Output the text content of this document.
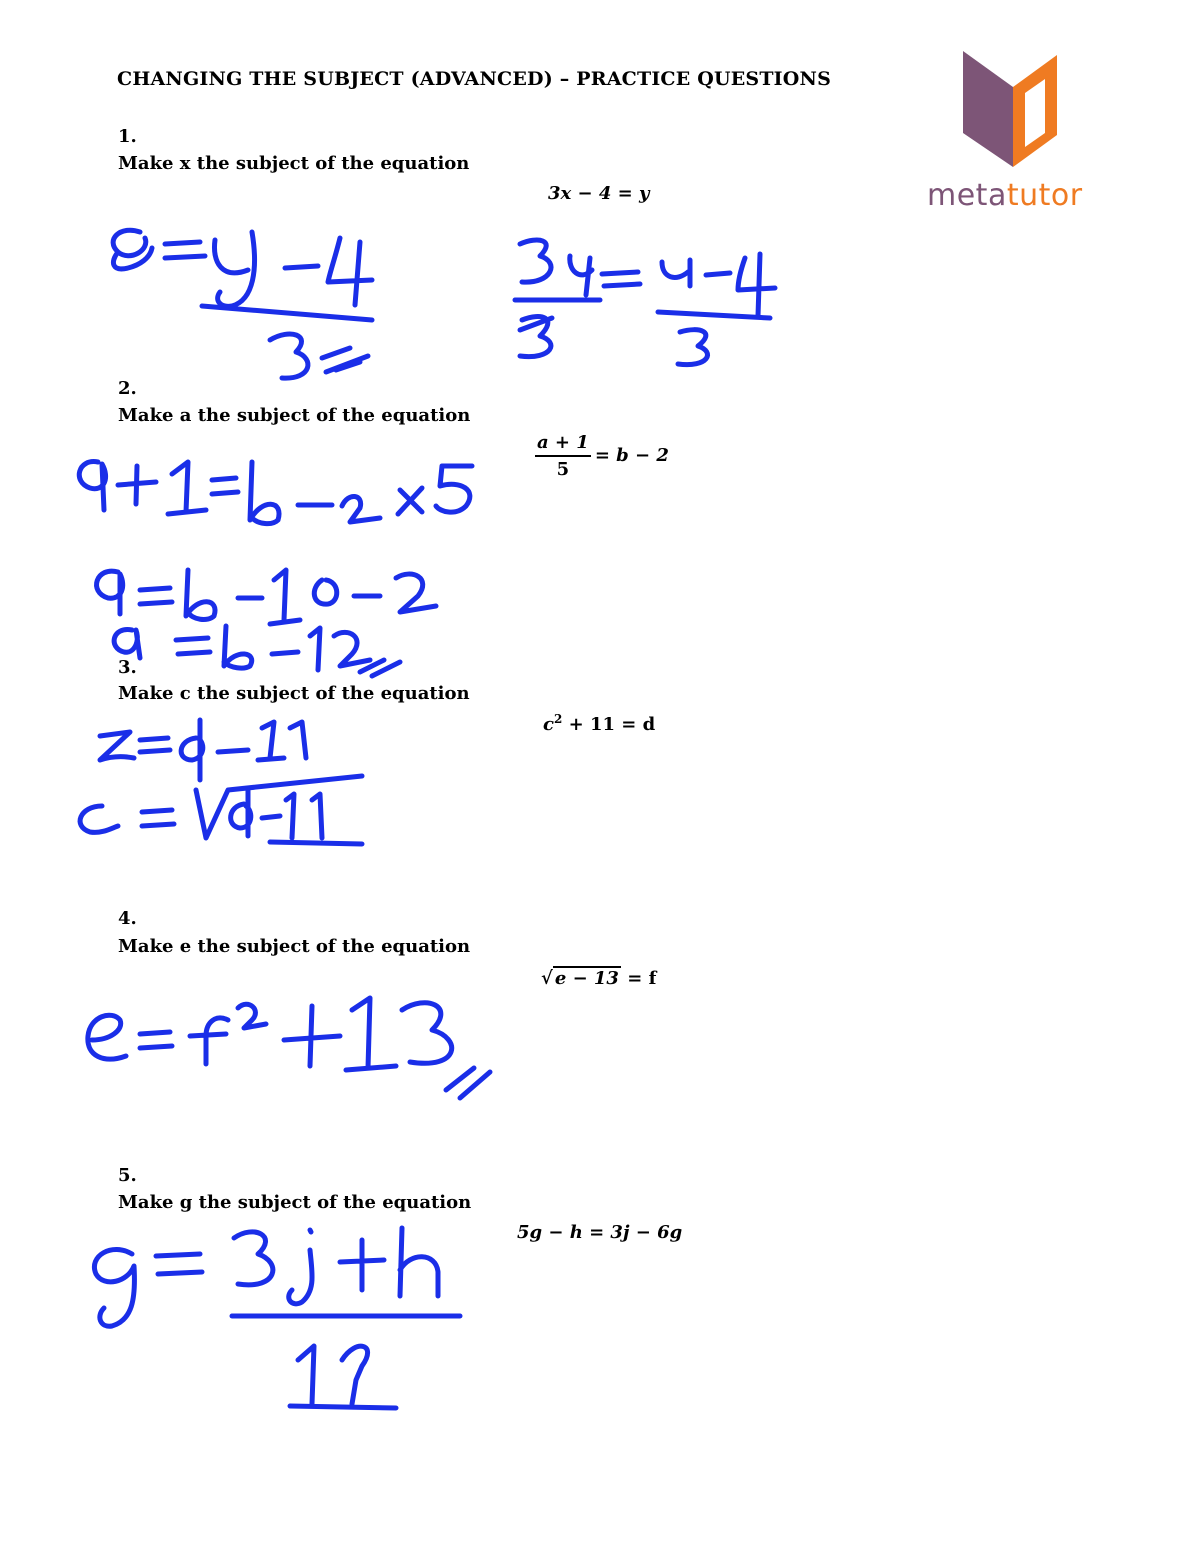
CHANGING THE SUBJECT (ADVANCED) – PRACTICE QUESTIONS
metatutor
1.
Make x the subject of the equation
3x − 4 = y
2.
Make a the subject of the equation
$\frac{a + 1}{5} = b - 2$
3.
Make c the subject of the equation
$c^2 + 11 = d$
4.
Make e the subject of the equation
√ e − 13 = f
5.
Make g the subject of the equation
5g − h = 3j − 6g
